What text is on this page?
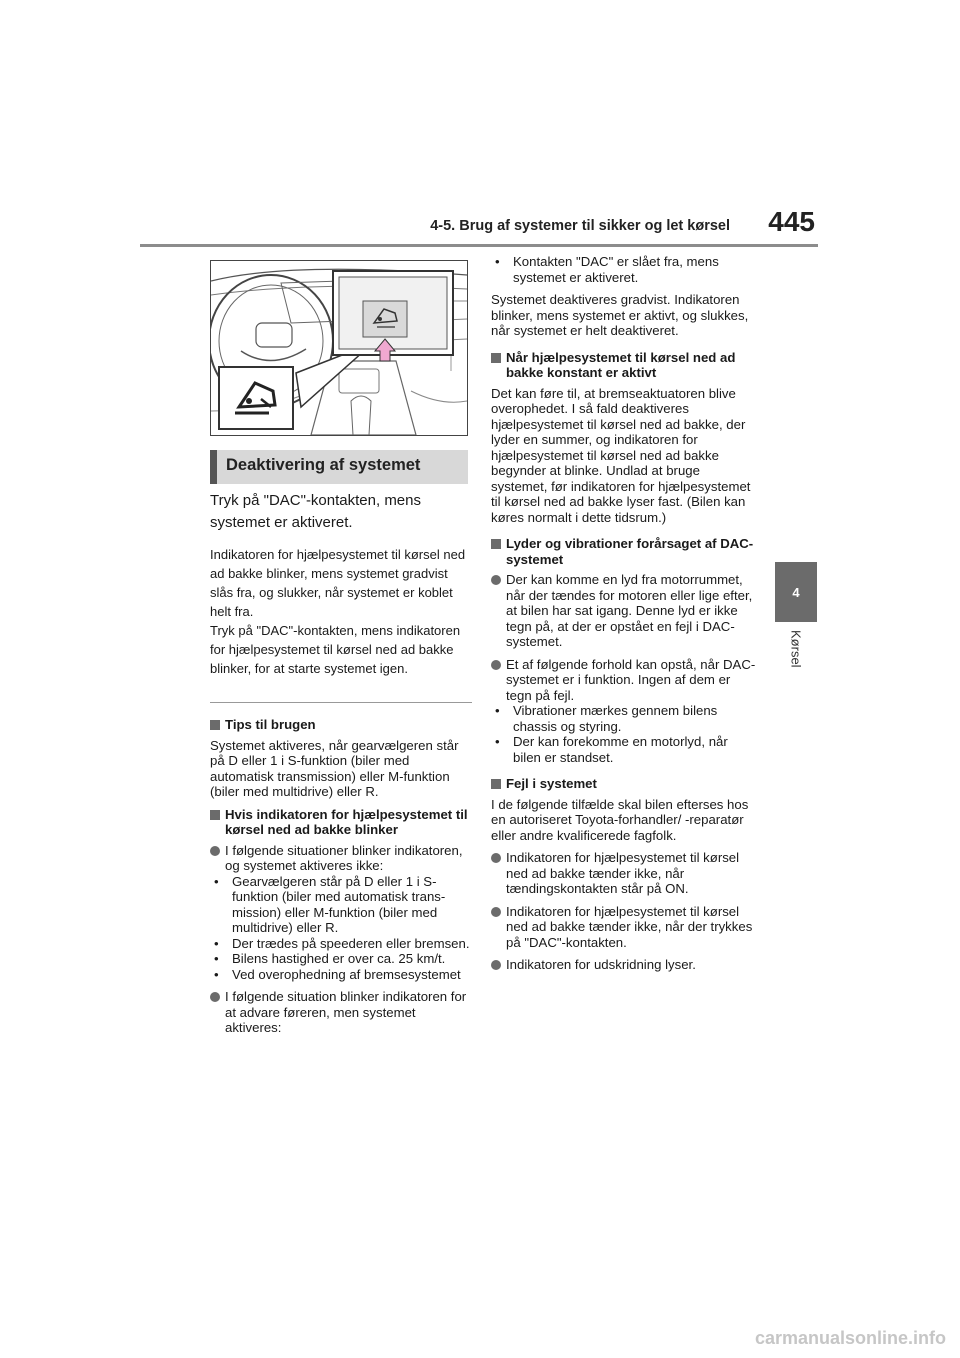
4-5. Brug af systemer til sikker og let kørsel	445
4
Kørsel
Deaktivering af systemet

Tryk på "DAC"-kontakten, mens systemet er aktiveret.

Indikatoren for hjælpesystemet til kørsel ned ad bakke blinker, mens systemet gradvist slås fra, og slukker, når systemet er koblet helt fra.
Tryk på "DAC"-kontakten, mens indikatoren for hjælpesystemet til kørsel ned ad bakke blinker, for at starte systemet igen.

Tips til brugen

Systemet aktiveres, når gearvælgeren står på D eller 1 i S-funktion (biler med automatisk transmission) eller M-funktion (biler med multidrive) eller R.

Hvis indikatoren for hjælpesystemet til kørsel ned ad bakke blinker
I følgende situationer blinker indikatoren, og systemet aktiveres ikke:
• Gearvælgeren står på D eller 1 i S-funktion (biler med automatisk transmission) eller M-funktion (biler med multidrive) eller R.
• Der trædes på speederen eller bremsen.
• Bilens hastighed er over ca. 25 km/t.
• Ved overophedning af bremsesystemet
I følgende situation blinker indikatoren for at advare føreren, men systemet aktiveres:
• Kontakten "DAC" er slået fra, mens systemet er aktiveret.

Systemet deaktiveres gradvist. Indikatoren blinker, mens systemet er aktivt, og slukkes, når systemet er helt deaktiveret.

Når hjælpesystemet til kørsel ned ad bakke konstant er aktivt

Det kan føre til, at bremseaktuatoren blive overophedet. I så fald deaktiveres hjælpesystemet til kørsel ned ad bakke, der lyder en summer, og indikatoren for hjælpesystemet til kørsel ned ad bakke begynder at blinke. Undlad at bruge systemet, før indikatoren for hjælpesystemet til kørsel ned ad bakke lyser fast. (Bilen kan køres normalt i dette tidsrum.)

Lyder og vibrationer forårsaget af DAC-systemet
Der kan komme en lyd fra motorrummet, når der tændes for motoren eller lige efter, at bilen har sat igang. Denne lyd er ikke tegn på, at der er opstået en fejl i DAC-systemet.
Et af følgende forhold kan opstå, når DAC-systemet er i funktion. Ingen af dem er tegn på fejl.
• Vibrationer mærkes gennem bilens chassis og styring.
• Der kan forekomme en motorlyd, når bilen er standset.
Fejl i systemet

I de følgende tilfælde skal bilen efterses hos en autoriseret Toyota-forhandler/ -reparatør eller andre kvalificerede fagfolk.

Indikatoren for hjælpesystemet til kørsel ned ad bakke tænder ikke, når tændingskontakten står på ON.
Indikatoren for hjælpesystemet til kørsel ned ad bakke tænder ikke, når der trykkes på "DAC"-kontakten.
Indikatoren for udskridning lyser.
carmanualsonline.info
